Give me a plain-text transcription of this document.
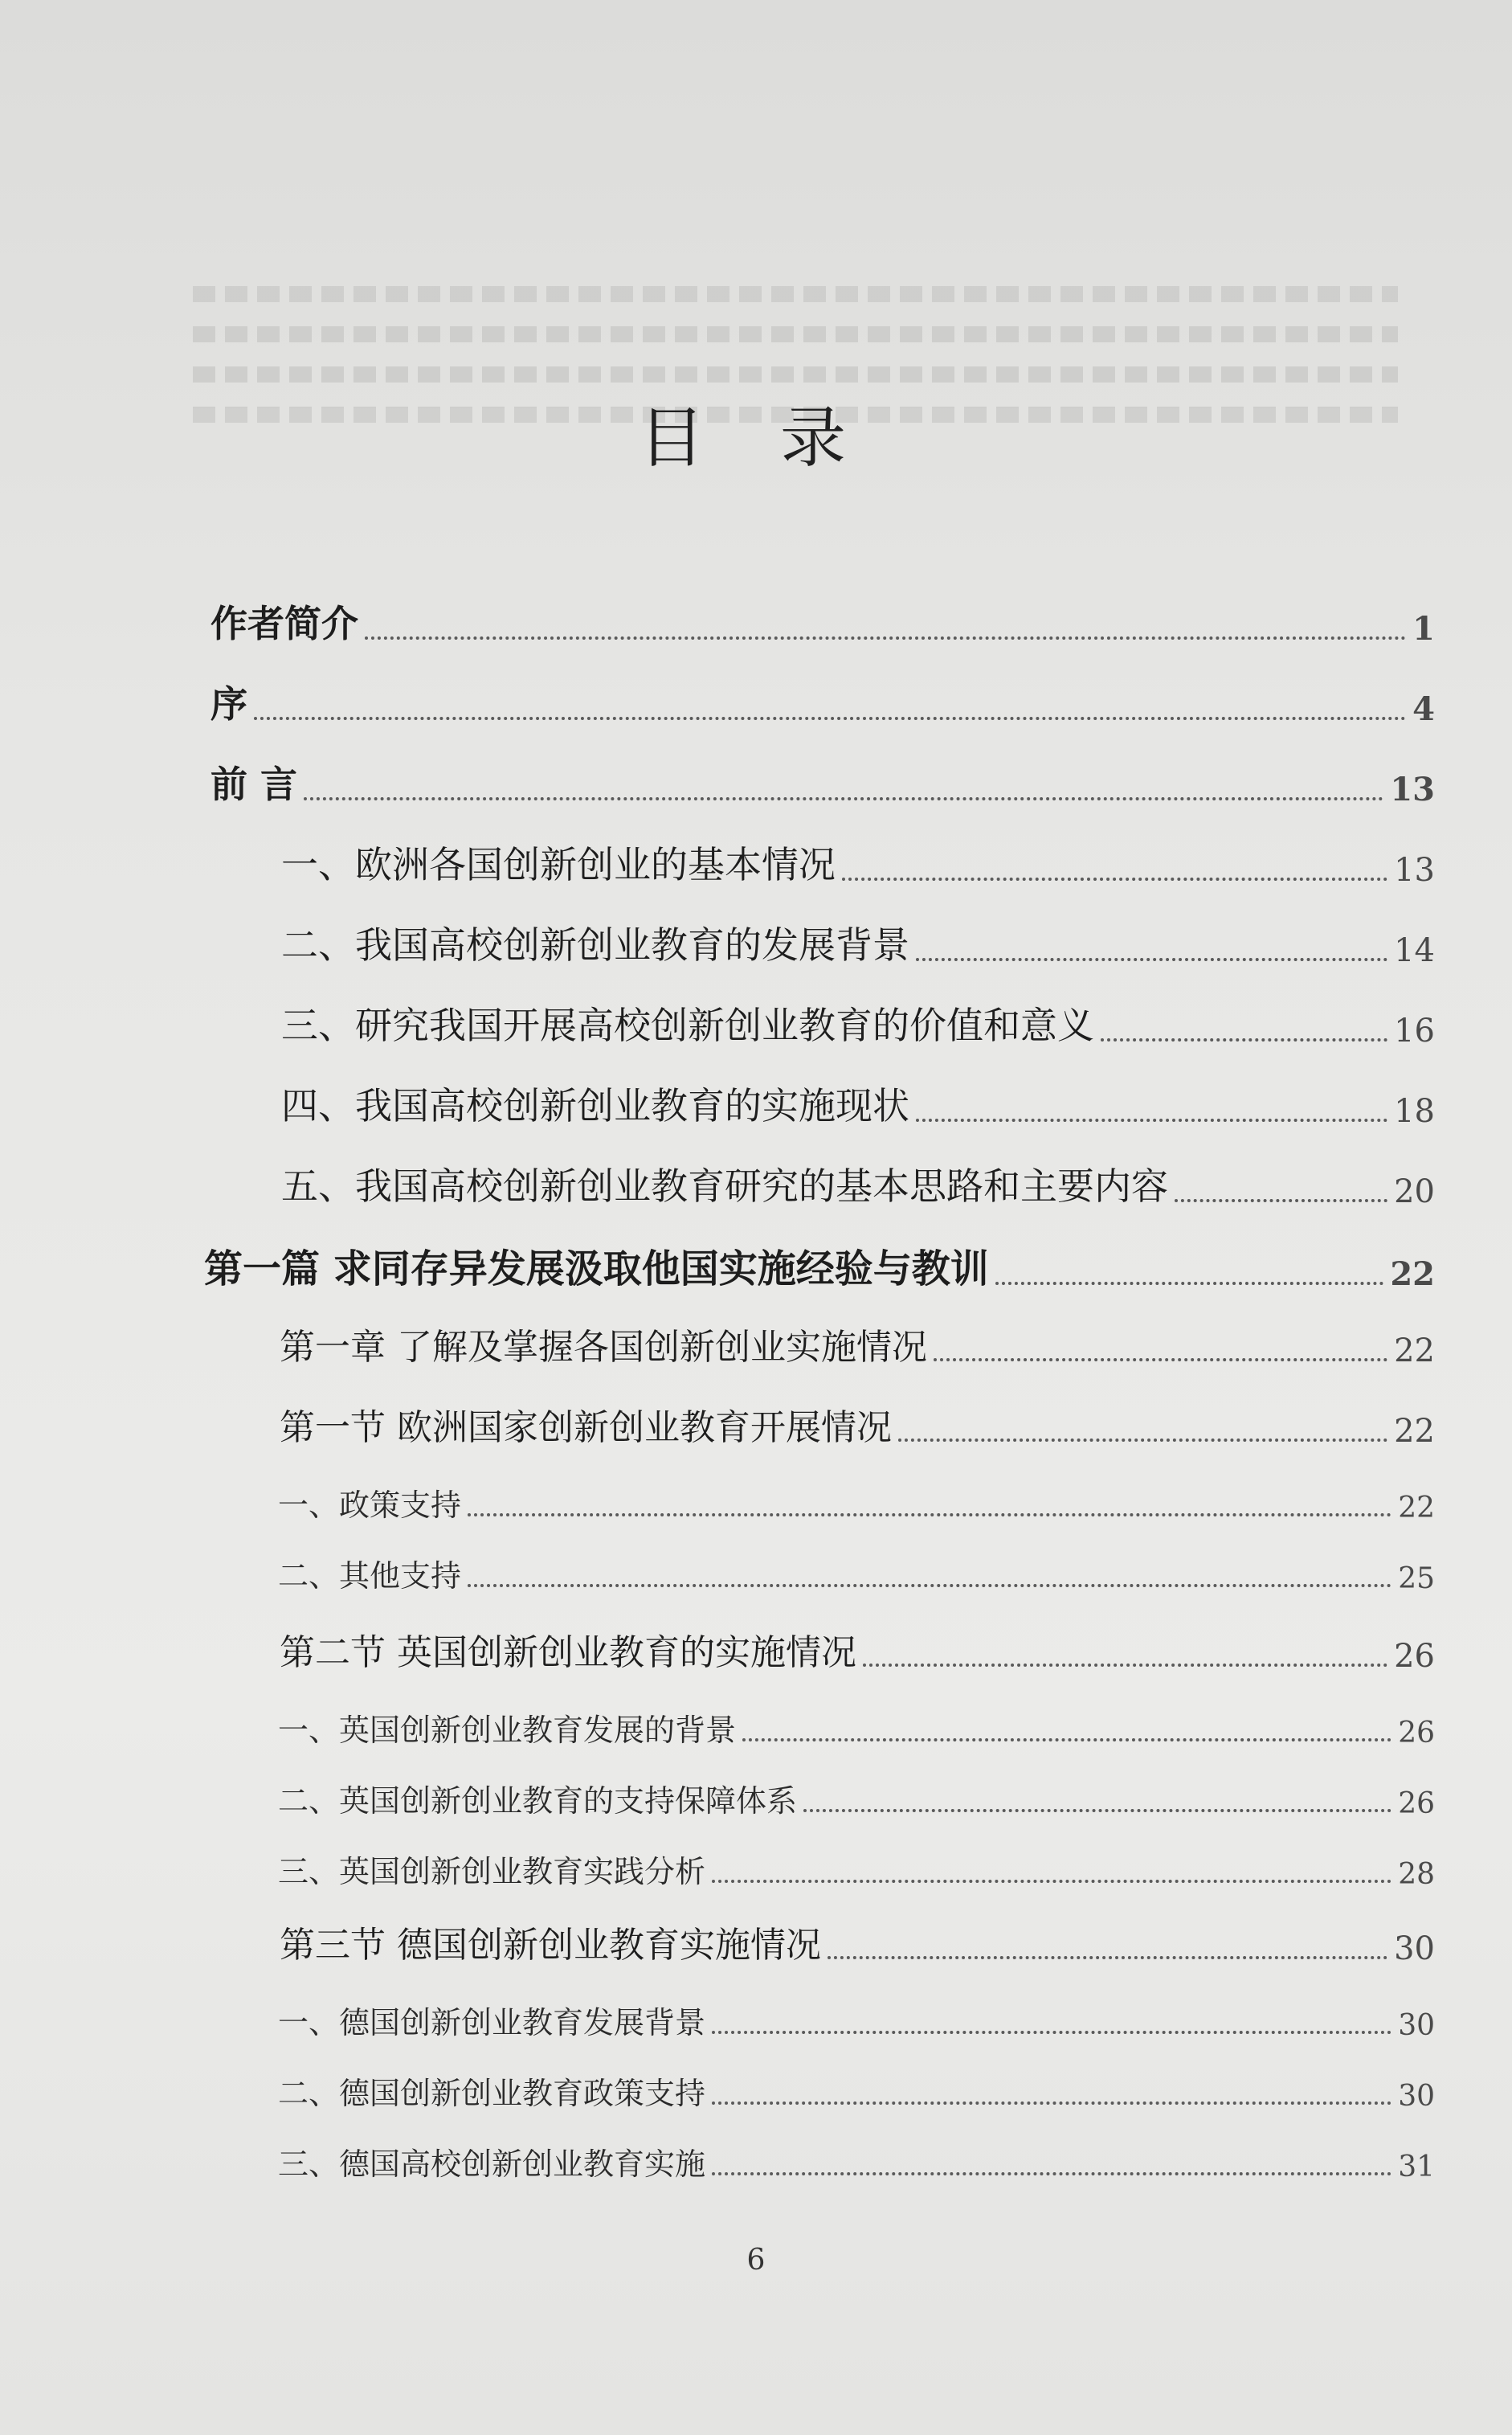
目 录
作者简介	1
序	4
前 言	13
一、欧洲各国创新创业的基本情况	13
二、我国高校创新创业教育的发展背景	14
三、研究我国开展高校创新创业教育的价值和意义	16
四、我国高校创新创业教育的实施现状	18
五、我国高校创新创业教育研究的基本思路和主要内容	20
第一篇 求同存异发展汲取他国实施经验与教训	22
第一章 了解及掌握各国创新创业实施情况	22
第一节 欧洲国家创新创业教育开展情况	22
一、政策支持	22
二、其他支持	25
第二节 英国创新创业教育的实施情况	26
一、英国创新创业教育发展的背景	26
二、英国创新创业教育的支持保障体系	26
三、英国创新创业教育实践分析	28
第三节 德国创新创业教育实施情况	30
一、德国创新创业教育发展背景	30
二、德国创新创业教育政策支持	30
三、德国高校创新创业教育实施	31
6
